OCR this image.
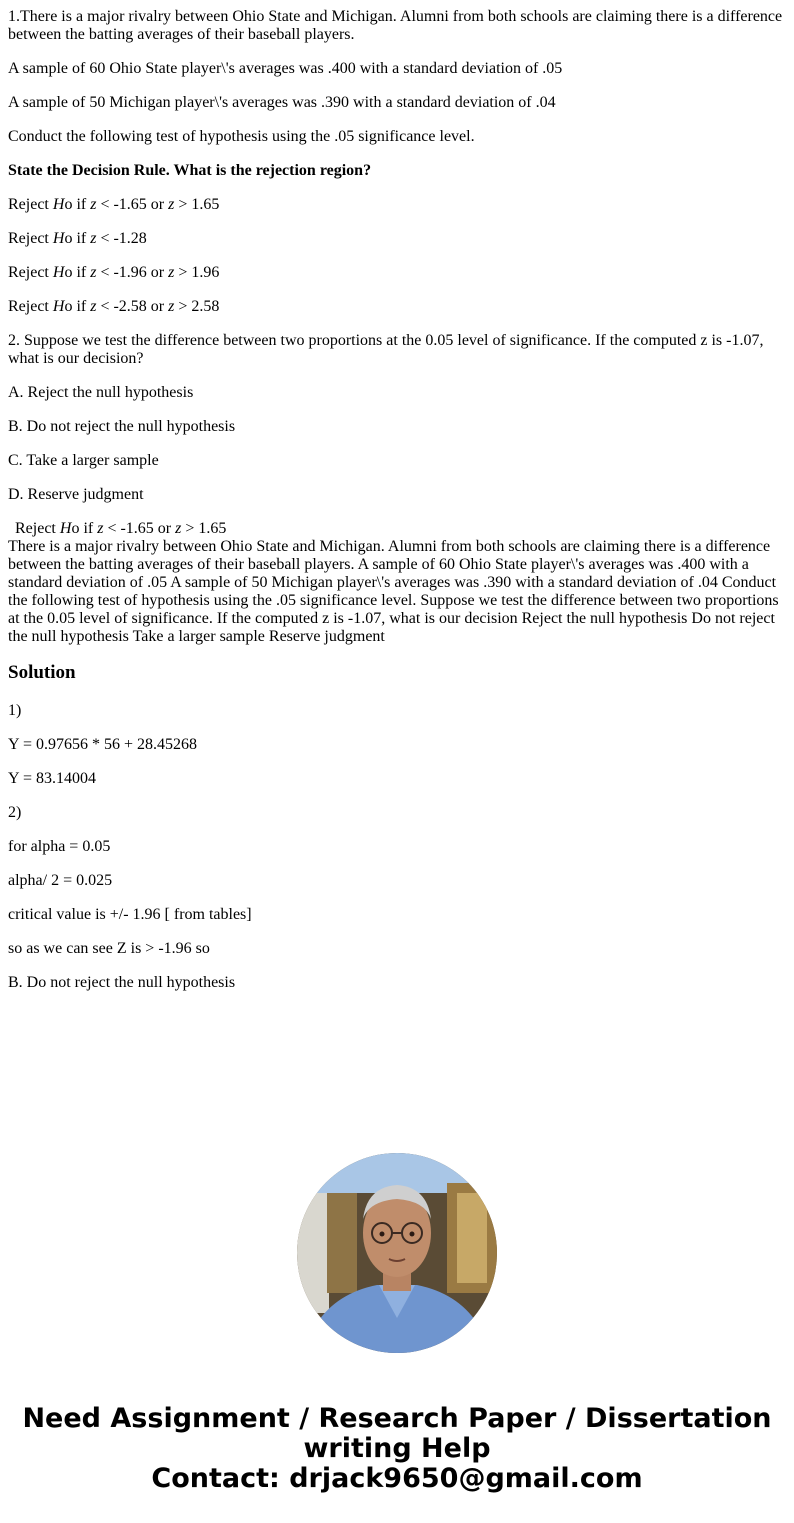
1.There is a major rivalry between Ohio State and Michigan. Alumni from both schools are claiming there is a difference between the batting averages of their baseball players.

A sample of 60 Ohio State player\'s averages was .400 with a standard deviation of .05

A sample of 50 Michigan player\'s averages was .390 with a standard deviation of .04

Conduct the following test of hypothesis using the .05 significance level.

State the Decision Rule. What is the rejection region?

Reject Ho if z < -1.65 or z > 1.65

Reject Ho if z < -1.28

Reject Ho if z < -1.96 or z > 1.96

Reject Ho if z < -2.58 or z > 2.58

2. Suppose we test the difference between two proportions at the 0.05 level of significance. If the computed z is -1.07, what is our decision?

A. Reject the null hypothesis

B. Do not reject the null hypothesis

C. Take a larger sample

D. Reserve judgment

Reject Ho if z < -1.65 or z > 1.65

There is a major rivalry between Ohio State and Michigan. Alumni from both schools are claiming there is a difference between the batting averages of their baseball players. A sample of 60 Ohio State player\'s averages was .400 with a standard deviation of .05 A sample of 50 Michigan player\'s averages was .390 with a standard deviation of .04 Conduct the following test of hypothesis using the .05 significance level. Suppose we test the difference between two proportions at the 0.05 level of significance. If the computed z is -1.07, what is our decision Reject the null hypothesis Do not reject the null hypothesis Take a larger sample Reserve judgment

Solution

1)

Y = 0.97656 * 56 + 28.45268

Y = 83.14004

2)

for alpha = 0.05

alpha/ 2 = 0.025

critical value is +/- 1.96 [ from tables]

so as we can see Z is > -1.96 so

B. Do not reject the null hypothesis

Need Assignment / Research Paper / Dissertation
writing Help
Contact: drjack9650@gmail.com
